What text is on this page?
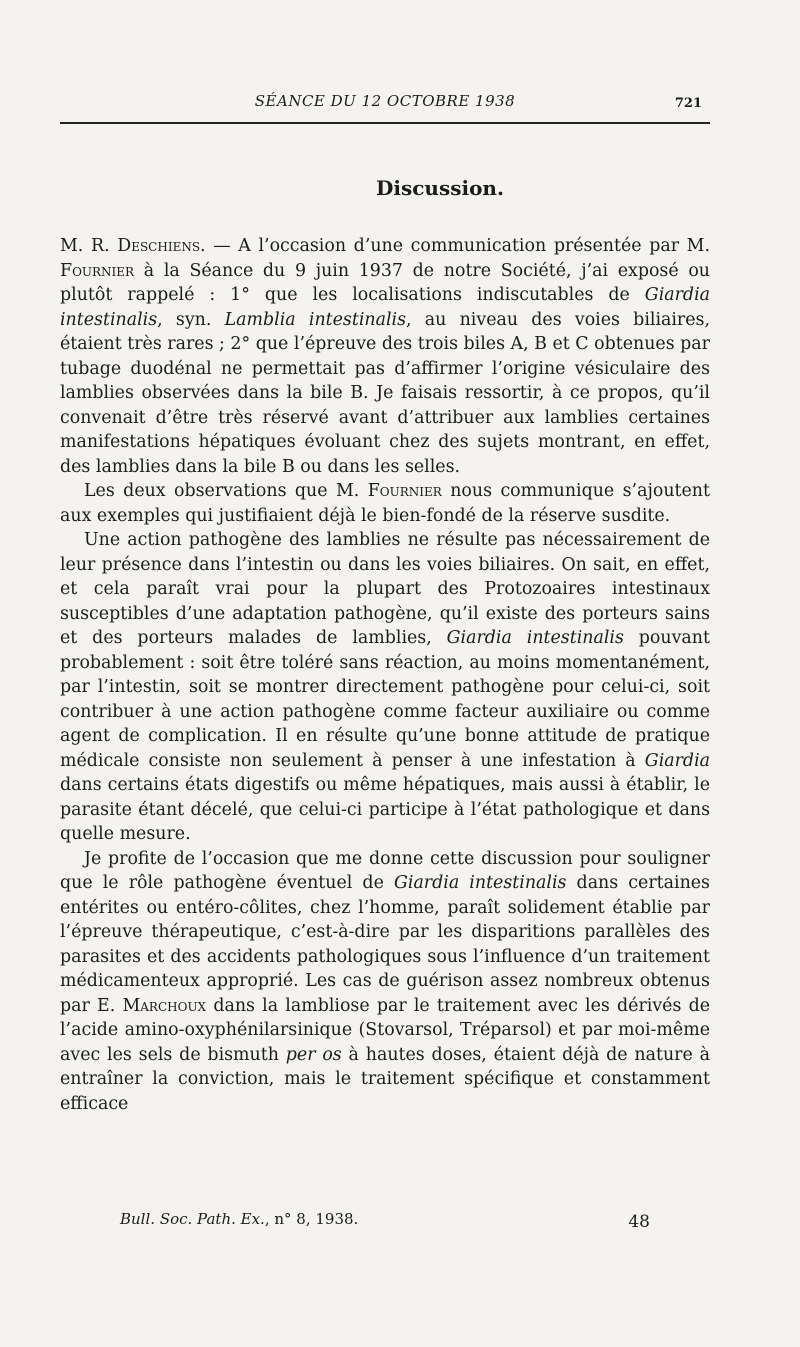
SÉANCE DU 12 OCTOBRE 1938	721
Discussion.

M. R. Deschiens. — A l’occasion d’une communication présentée par M. Fournier à la Séance du 9 juin 1937 de notre Société, j’ai exposé ou plutôt rappelé : 1° que les localisations indiscutables de Giardia intestinalis, syn. Lamblia intestinalis, au niveau des voies biliaires, étaient très rares ; 2° que l’épreuve des trois biles A, B et C obtenues par tubage duodénal ne permettait pas d’affirmer l’origine vésiculaire des lamblies observées dans la bile B. Je faisais ressortir, à ce propos, qu’il convenait d’être très réservé avant d’attribuer aux lamblies certaines manifestations hépatiques évoluant chez des sujets montrant, en effet, des lamblies dans la bile B ou dans les selles.

Les deux observations que M. Fournier nous communique s’ajoutent aux exemples qui justifiaient déjà le bien-fondé de la réserve susdite.

Une action pathogène des lamblies ne résulte pas nécessairement de leur présence dans l’intestin ou dans les voies biliaires. On sait, en effet, et cela paraît vrai pour la plupart des Protozoaires intestinaux susceptibles d’une adaptation pathogène, qu’il existe des porteurs sains et des porteurs malades de lamblies, Giardia intestinalis pouvant probablement : soit être toléré sans réaction, au moins momentanément, par l’intestin, soit se montrer directement pathogène pour celui-ci, soit contribuer à une action pathogène comme facteur auxiliaire ou comme agent de complication. Il en résulte qu’une bonne attitude de pratique médicale consiste non seulement à penser à une infestation à Giardia dans certains états digestifs ou même hépatiques, mais aussi à établir, le parasite étant décelé, que celui-ci participe à l’état pathologique et dans quelle mesure.

Je profite de l’occasion que me donne cette discussion pour souligner que le rôle pathogène éventuel de Giardia intestinalis dans certaines entérites ou entéro-côlites, chez l’homme, paraît solidement établie par l’épreuve thérapeutique, c’est-à-dire par les disparitions parallèles des parasites et des accidents pathologiques sous l’influence d’un traitement médicamenteux approprié. Les cas de guérison assez nombreux obtenus par E. Marchoux dans la lambliose par le traitement avec les dérivés de l’acide amino-oxyphénilarsinique (Stovarsol, Tréparsol) et par moi-même avec les sels de bismuth per os à hautes doses, étaient déjà de nature à entraîner la conviction, mais le traitement spécifique et constamment efficace

Bull. Soc. Path. Ex., n° 8, 1938.	48
